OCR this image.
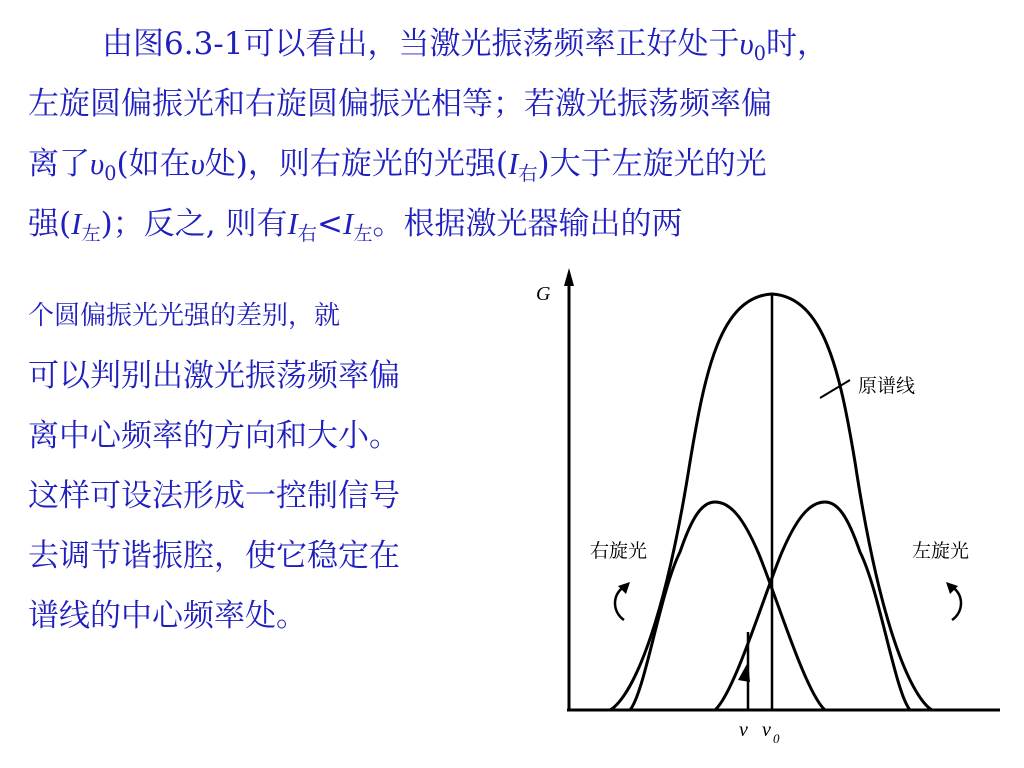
由图6.3-1可以看出，当激光振荡频率正好处于$\upsilon_0$时，
左旋圆偏振光和右旋圆偏振光相等；若激光振荡频率偏
离了$\upsilon_0$(如在υ处)，则右旋光的光强$(I_右)$大于左旋光的光
强$(I_左)$；反之, 则有$I_右<I_左$。根据激光器输出的两
个圆偏振光光强的差别，就
可以判别出激光振荡频率偏
离中心频率的方向和大小。
这样可设法形成一控制信号
去调节谐振腔，使它稳定在
谱线的中心频率处。
G
原谱线
右旋光	左旋光
ν ν 0
